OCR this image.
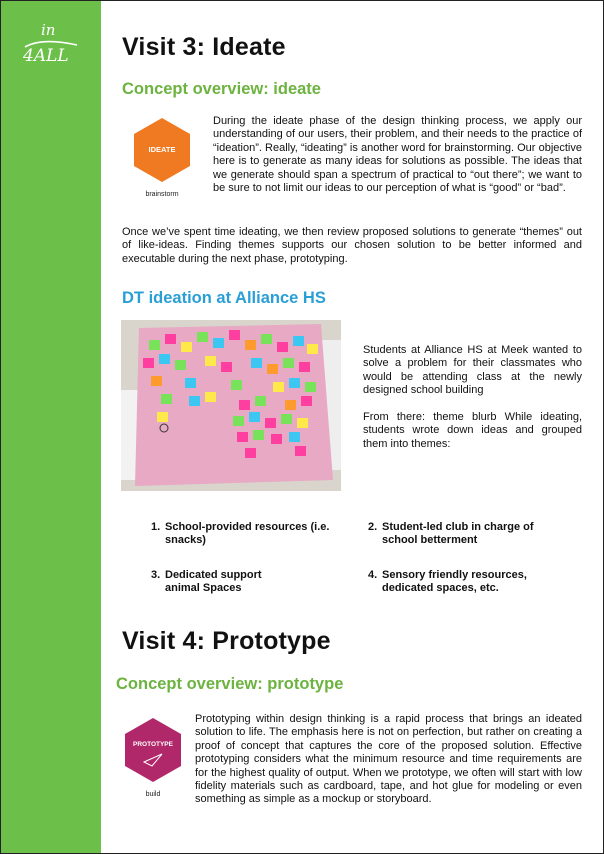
in
4ALL Visit 3: Ideate
Concept overview: ideate
IDEATE
brainstorm

During the ideate phase of the design thinking process, we apply our understanding of our users, their problem, and their needs to the practice of “ideation”. Really, “ideating” is another word for brainstorming. Our objective here is to generate as many ideas for solutions as possible. The ideas that we generate should span a spectrum of practical to “out there”; we want to be sure to not limit our ideas to our perception of what is “good” or “bad”.

Once we’ve spent time ideating, we then review proposed solutions to generate “themes” out of like-ideas. Finding themes supports our chosen solution to be better informed and executable during the next phase, prototyping.

DT ideation at Alliance HS

Students at Alliance HS at Meek wanted to solve a problem for their classmates who would be attending class at the newly designed school building

From there: theme blurb While ideating, students wrote down ideas and grouped them into themes:

1. School-provided resources (i.e. snacks)
2. Student-led club in charge of school betterment
3. Dedicated support animal Spaces
4. Sensory friendly resources, dedicated spaces, etc.
Visit 4: Prototype
Concept overview: prototype
PROTOTYPE
build

Prototyping within design thinking is a rapid process that brings an ideated solution to life. The emphasis here is not on perfection, but rather on creating a proof of concept that captures the core of the proposed solution. Effective prototyping considers what the minimum resource and time requirements are for the highest quality of output. When we prototype, we often will start with low fidelity materials such as cardboard, tape, and hot glue for modeling or even something as simple as a mockup or storyboard.
